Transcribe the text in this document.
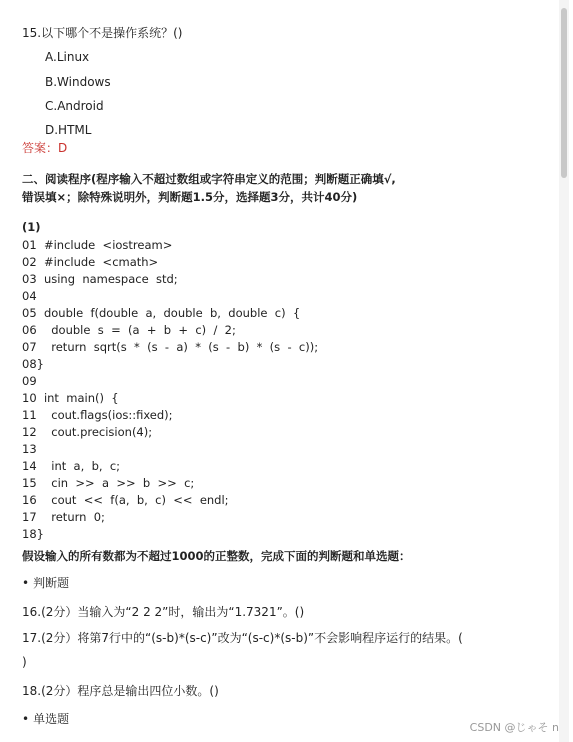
15.以下哪个不是操作系统？()
A.Linux
B.Windows
C.Android
D.HTML
答案：D
二、阅读程序(程序输入不超过数组或字符串定义的范围；判断题正确填√,
错误填×；除特殊说明外，判断题1.5分，选择题3分，共计40分)
(1)
01  #include  <iostream>
02  #include  <cmath>
03  using  namespace  std;
04
05  double  f(double  a,  double  b,  double  c)  {
06    double  s  =  (a  +  b  +  c)  /  2;
07    return  sqrt(s  *  (s  -  a)  *  (s  -  b)  *  (s  -  c));
08}
09
10  int  main()  {
11    cout.flags(ios::fixed);
12    cout.precision(4);
13
14    int  a,  b,  c;
15    cin  >>  a  >>  b  >>  c;
16    cout  <<  f(a,  b,  c)  <<  endl;
17    return  0;
18}
假设输入的所有数都为不超过1000的正整数，完成下面的判断题和单选题：
• 判断题
16.(2分）当输入为“2 2 2”时，输出为“1.7321”。()
17.(2分）将第7行中的“(s-b)*(s-c)”改为“(s-c)*(s-b)”不会影响程序运行的结果。(
)
18.(2分）程序总是输出四位小数。()
• 单选题
CSDN @じゃそ n
